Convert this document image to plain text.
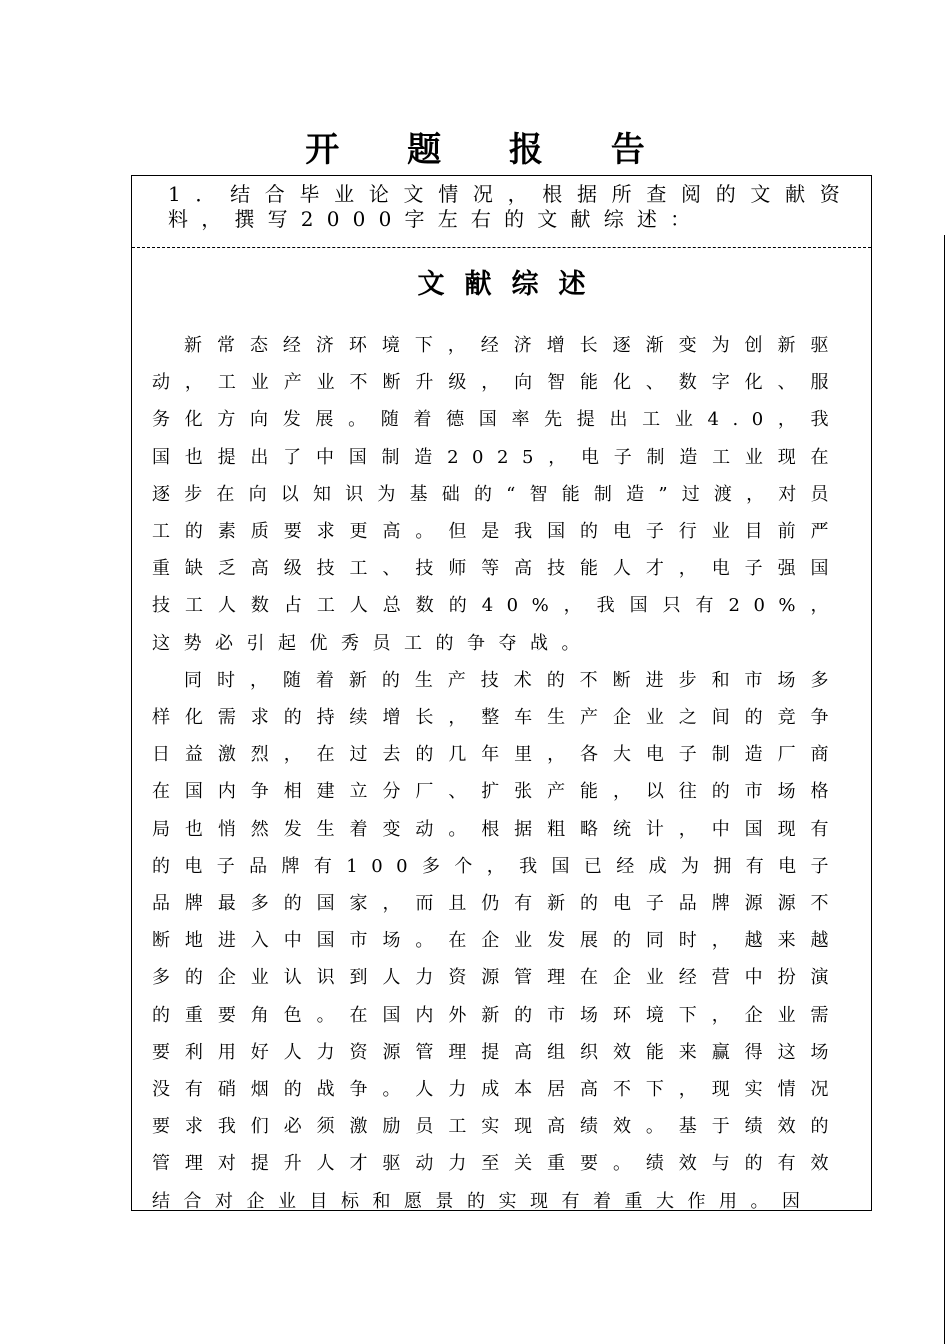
开 题 报 告
1．结合毕业论文情况，根据所查阅的文献资料，撰写2000字左右的文献综述：
文献综述

新常态经济环境下，经济增长逐渐变为创新驱动，工业产业不断升级，向智能化、数字化、服务化方向发展。随着德国率先提出工业4.0，我国也提出了中国制造2025，电子制造工业现在逐步在向以知识为基础的“智能制造”过渡，对员工的素质要求更高。但是我国的电子行业目前严重缺乏高级技工、技师等高技能人才，电子强国技工人数占工人总数的40%，我国只有20%，这势必引起优秀员工的争夺战。

同时，随着新的生产技术的不断进步和市场多样化需求的持续增长，整车生产企业之间的竞争日益激烈，在过去的几年里，各大电子制造厂商在国内争相建立分厂、扩张产能，以往的市场格局也悄然发生着变动。根据粗略统计，中国现有的电子品牌有100多个，我国已经成为拥有电子品牌最多的国家，而且仍有新的电子品牌源源不断地进入中国市场。在企业发展的同时，越来越多的企业认识到人力资源管理在企业经营中扮演的重要角色。在国内外新的市场环境下，企业需要利用好人力资源管理提高组织效能来赢得这场没有硝烟的战争。人力成本居高不下，现实情况要求我们必须激励员工实现高绩效。基于绩效的管理对提升人才驱动力至关重要。绩效与的有效结合对企业目标和愿景的实现有着重大作用。因
